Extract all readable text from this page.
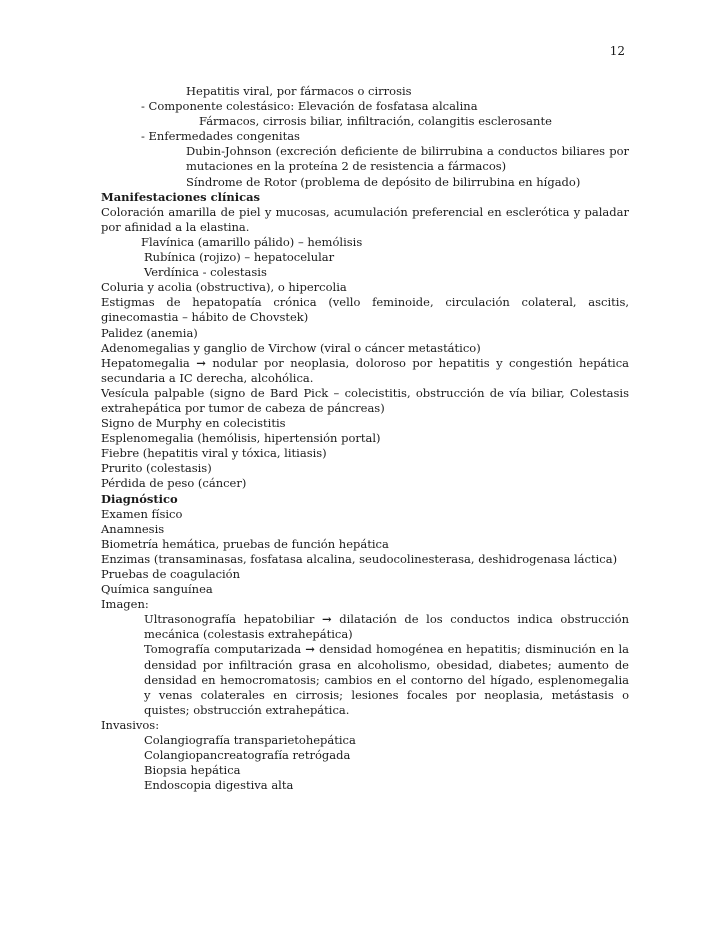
12
Hepatitis viral, por fármacos o cirrosis
- Componente colestásico: Elevación de fosfatasa alcalina
Fármacos, cirrosis biliar, infiltración, colangitis esclerosante
- Enfermedades congenitas
Dubin-Johnson (excreción deficiente de bilirrubina a conductos biliares por mutaciones en la proteína 2 de resistencia a fármacos)
Síndrome de Rotor (problema de depósito de bilirrubina en hígado)
Manifestaciones clínicas
Coloración amarilla de piel y mucosas, acumulación preferencial en esclerótica y paladar por afinidad a la elastina.
Flavínica (amarillo pálido) – hemólisis
Rubínica (rojizo) – hepatocelular
Verdínica - colestasis
Coluria y acolia (obstructiva), o hipercolia
Estigmas de hepatopatía crónica (vello feminoide, circulación colateral, ascitis, ginecomastia – hábito de Chovstek)
Palidez (anemia)
Adenomegalias y ganglio de Virchow (viral o cáncer metastático)
Hepatomegalia → nodular por neoplasia, doloroso por hepatitis y congestión hepática secundaria a IC derecha, alcohólica.
Vesícula palpable (signo de Bard Pick – colecistitis, obstrucción de vía biliar, Colestasis extrahepática por tumor de cabeza de páncreas)
Signo de Murphy en colecistitis
Esplenomegalia (hemólisis, hipertensión portal)
Fiebre (hepatitis viral y tóxica, litiasis)
Prurito (colestasis)
Pérdida de peso (cáncer)
Diagnóstico
Examen físico
Anamnesis
Biometría hemática, pruebas de función hepática
Enzimas (transaminasas, fosfatasa alcalina, seudocolinesterasa, deshidrogenasa láctica)
Pruebas de coagulación
Química sanguínea
Imagen:
Ultrasonografía hepatobiliar → dilatación de los conductos indica obstrucción mecánica (colestasis extrahepática)
Tomografía computarizada → densidad homogénea en hepatitis; disminución en la densidad por infiltración grasa en alcoholismo, obesidad, diabetes; aumento de densidad en hemocromatosis; cambios en el contorno del hígado, esplenomegalia y venas colaterales en cirrosis; lesiones focales por neoplasia, metástasis o quistes; obstrucción extrahepática.
Invasivos:
Colangiografía transparietohepática
Colangiopancreatografía retrógada
Biopsia hepática
Endoscopia digestiva alta
